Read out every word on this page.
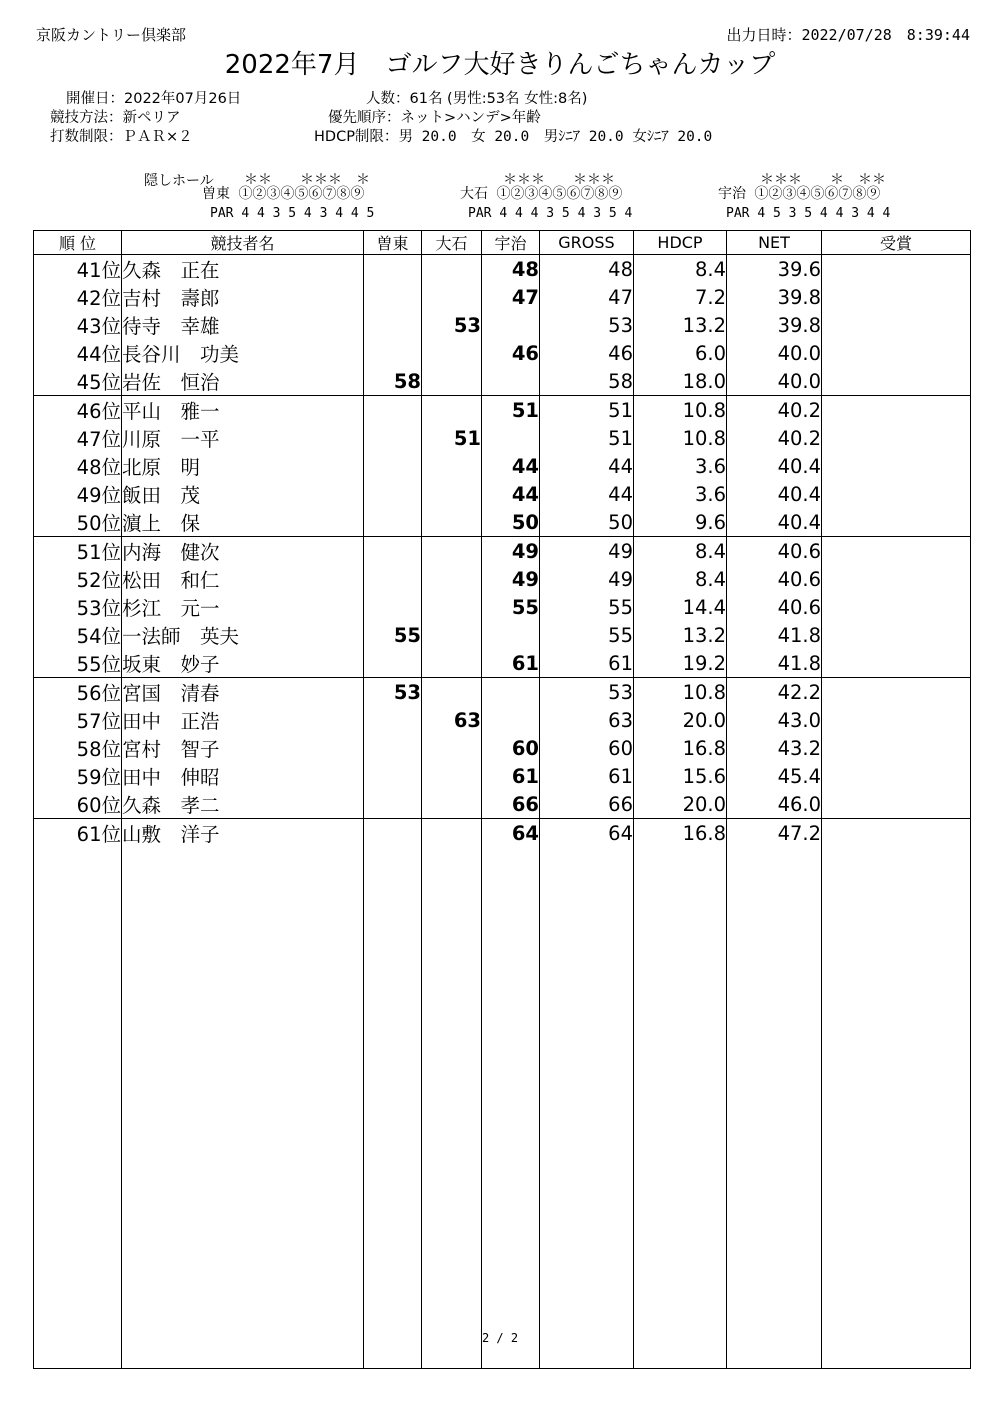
京阪カントリー倶楽部	出力日時：2022/07/28　8:39:44
2022年7月　ゴルフ大好きりんごちゃんカップ
開催日：2022年07月26日	人数：61名 (男性:53名 女性:8名)
競技方法：新ペリア	優先順序：ネット>ハンデ>年齢
打数制限：ＰＡＲ×２	HDCP制限：男 20.0　女 20.0　男ｼﾆｱ 20.0 女ｼﾆｱ 20.0
隠しホール ＊＊　　＊＊＊　＊
曽東 ①②③④⑤⑥⑦⑧⑨
PAR 4 4 3 5 4 3 4 4 5
＊＊＊　　＊＊＊
大石 ①②③④⑤⑥⑦⑧⑨
PAR 4 4 4 3 5 4 3 5 4
＊＊＊　　＊　＊＊
宇治 ①②③④⑤⑥⑦⑧⑨
PAR 4 5 3 5 4 4 3 4 4
順 位	競技者名	曽東	大石	宇治	GROSS	HDCP	NET	受賞
41位	久森　正在			48	48	8.4	39.6	
42位	吉村　壽郎			47	47	7.2	39.8	
43位	待寺　幸雄		53		53	13.2	39.8	
44位	長谷川　功美			46	46	6.0	40.0	
45位	岩佐　恒治	58			58	18.0	40.0	
46位	平山　雅一			51	51	10.8	40.2	
47位	川原　一平		51		51	10.8	40.2	
48位	北原　明			44	44	3.6	40.4	
49位	飯田　茂			44	44	3.6	40.4	
50位	濵上　保			50	50	9.6	40.4	
51位	内海　健次			49	49	8.4	40.6	
52位	松田　和仁			49	49	8.4	40.6	
53位	杉江　元一			55	55	14.4	40.6	
54位	一法師　英夫	55			55	13.2	41.8	
55位	坂東　妙子			61	61	19.2	41.8	
56位	宮国　清春	53			53	10.8	42.2	
57位	田中　正浩		63		63	20.0	43.0	
58位	宮村　智子			60	60	16.8	43.2	
59位	田中　伸昭			61	61	15.6	45.4	
60位	久森　孝二			66	66	20.0	46.0	
61位	山敷　洋子			64	64	16.8	47.2	

2 / 2
